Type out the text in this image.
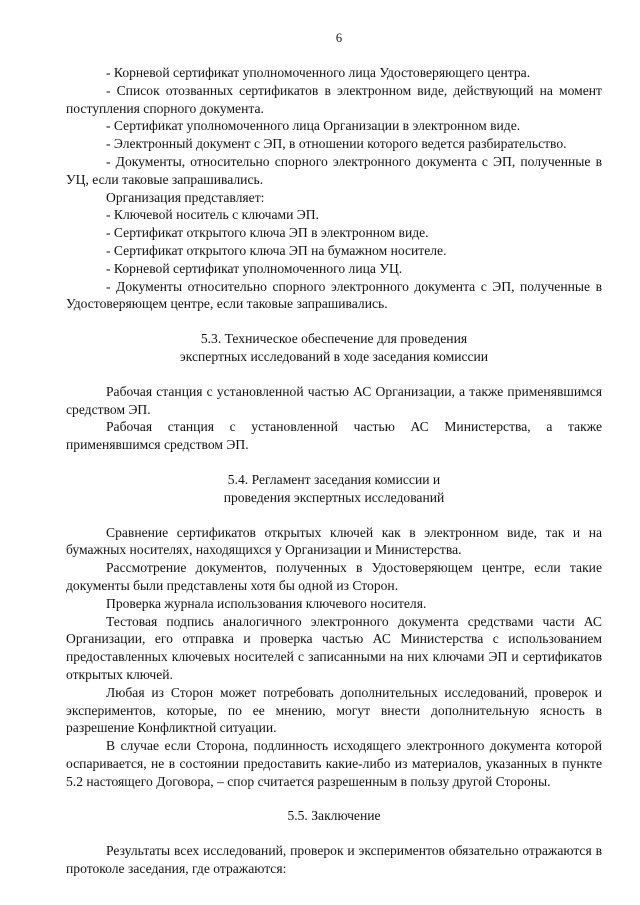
6

- Корневой сертификат уполномоченного лица Удостоверяющего центра.

- Список отозванных сертификатов в электронном виде, действующий на момент поступления спорного документа.

- Сертификат уполномоченного лица Организации в электронном виде.

- Электронный документ с ЭП, в отношении которого ведется разбирательство.

- Документы, относительно спорного электронного документа с ЭП, полученные в УЦ, если таковые запрашивались.

Организация представляет:

- Ключевой носитель с ключами ЭП.

- Сертификат открытого ключа ЭП в электронном виде.

- Сертификат открытого ключа ЭП на бумажном носителе.

- Корневой сертификат уполномоченного лица УЦ.

- Документы относительно спорного электронного документа с ЭП, полученные в Удостоверяющем центре, если таковые запрашивались.

5.3. Техническое обеспечение для проведения

экспертных исследований в ходе заседания комиссии

Рабочая станция с установленной частью АС Организации, а также применявшимся средством ЭП.

Рабочая станция с установленной частью АС Министерства, а также применявшимся средством ЭП.

5.4. Регламент заседания комиссии и

проведения экспертных исследований

Сравнение сертификатов открытых ключей как в электронном виде, так и на бумажных носителях, находящихся у Организации и Министерства.

Рассмотрение документов, полученных в Удостоверяющем центре, если такие документы были представлены хотя бы одной из Сторон.

Проверка журнала использования ключевого носителя.

Тестовая подпись аналогичного электронного документа средствами части АС Организации, его отправка и проверка частью АС Министерства с использованием предоставленных ключевых носителей с записанными на них ключами ЭП и сертификатов открытых ключей.

Любая из Сторон может потребовать дополнительных исследований, проверок и экспериментов, которые, по ее мнению, могут внести дополнительную ясность в разрешение Конфликтной ситуации.

В случае если Сторона, подлинность исходящего электронного документа которой оспаривается, не в состоянии предоставить какие-либо из материалов, указанных в пункте 5.2 настоящего Договора, – спор считается разрешенным в пользу другой Стороны.

5.5. Заключение

Результаты всех исследований, проверок и экспериментов обязательно отражаются в протоколе заседания, где отражаются:
